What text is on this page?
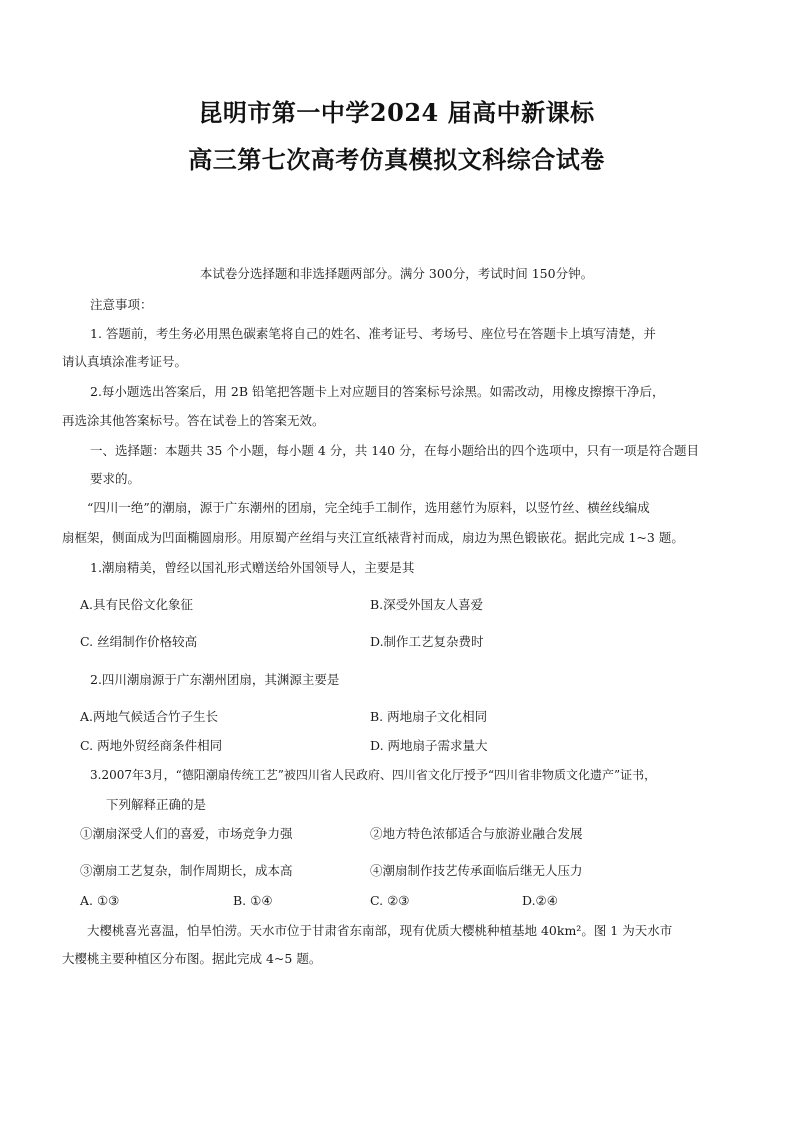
昆明市第一中学2024 届高中新课标
高三第七次高考仿真模拟文科综合试卷
本试卷分选择题和非选择题两部分。满分 300分，考试时间 150分钟。
注意事项：
1. 答题前，考生务必用黑色碳素笔将自己的姓名、准考证号、考场号、座位号在答题卡上填写清楚，并
请认真填涂准考证号。
2.每小题选出答案后，用 2B 铅笔把答题卡上对应题目的答案标号涂黑。如需改动，用橡皮擦擦干净后，
再选涂其他答案标号。答在试卷上的答案无效。
一、选择题：本题共 35 个小题，每小题 4 分，共 140 分，在每小题给出的四个选项中，只有一项是符合题目
要求的。
“四川一绝”的潮扇，源于广东潮州的团扇，完全纯手工制作，选用慈竹为原料，以竖竹丝、横丝线编成
扇框架，侧面成为凹面椭圆扇形。用原蜀产丝绢与夹江宣纸裱背衬而成，扇边为黑色锻嵌花。据此完成 1~3 题。
1.潮扇精美，曾经以国礼形式赠送给外国领导人，主要是其
A.具有民俗文化象征	B.深受外国友人喜爱
C. 丝绢制作价格较高	D.制作工艺复杂费时
2.四川潮扇源于广东潮州团扇，其渊源主要是
A.两地气候适合竹子生长	B. 两地扇子文化相同
C. 两地外贸经商条件相同	D. 两地扇子需求量大
3.2007年3月，“德阳潮扇传统工艺”被四川省人民政府、四川省文化厅授予“四川省非物质文化遗产”证书，
下列解释正确的是
①潮扇深受人们的喜爱，市场竞争力强	②地方特色浓郁适合与旅游业融合发展
③潮扇工艺复杂，制作周期长，成本高	④潮扇制作技艺传承面临后继无人压力
A. ①③	B. ①④	C. ②③	D.②④
大樱桃喜光喜温，怕旱怕涝。天水市位于甘肃省东南部，现有优质大樱桃种植基地 40km²。图 1 为天水市
大樱桃主要种植区分布图。据此完成 4~5 题。
